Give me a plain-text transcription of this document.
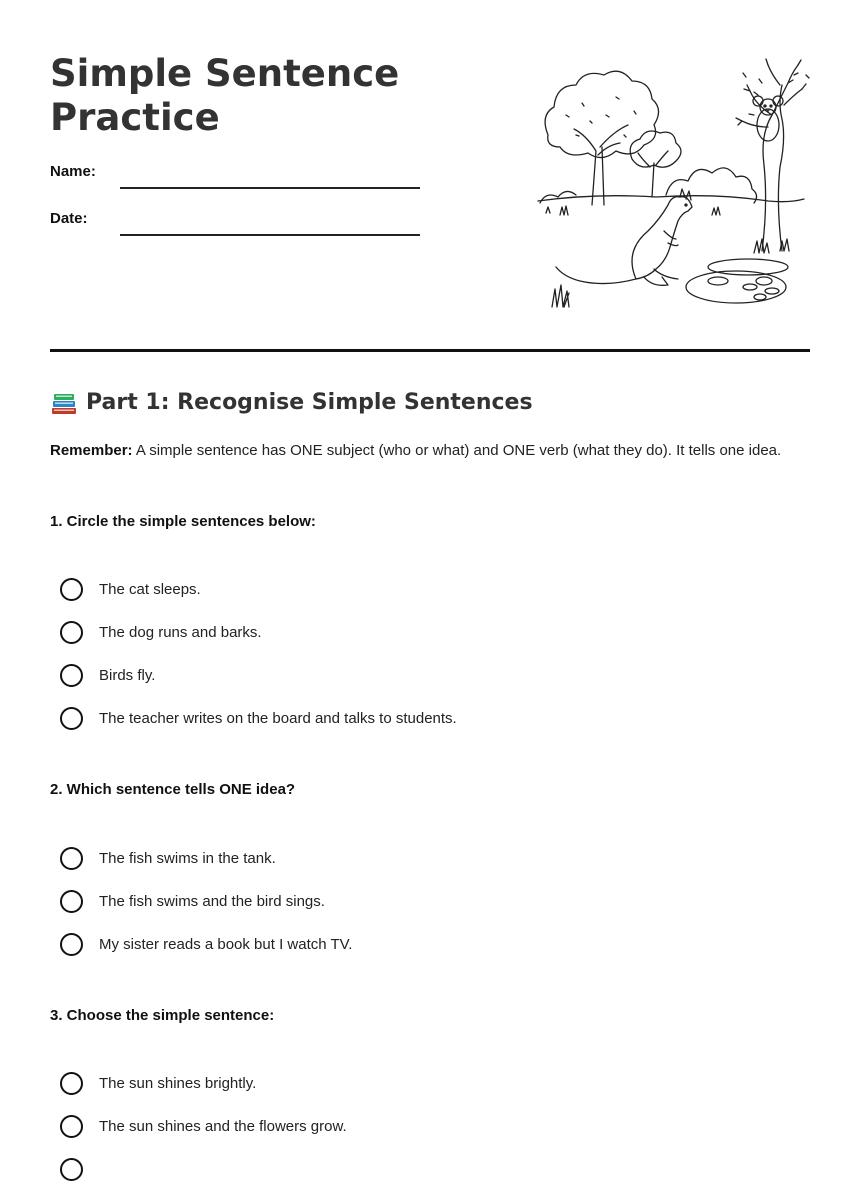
Simple Sentence
Practice
Name:
Date:
Part 1: Recognise Simple Sentences

Remember: A simple sentence has ONE subject (who or what) and ONE verb (what they do). It tells one idea.

1. Circle the simple sentences below:

The cat sleeps.
The dog runs and barks.
Birds fly.
The teacher writes on the board and talks to students.

2. Which sentence tells ONE idea?

The fish swims in the tank.
The fish swims and the bird sings.
My sister reads a book but I watch TV.

3. Choose the simple sentence:

The sun shines brightly.
The sun shines and the flowers grow.
